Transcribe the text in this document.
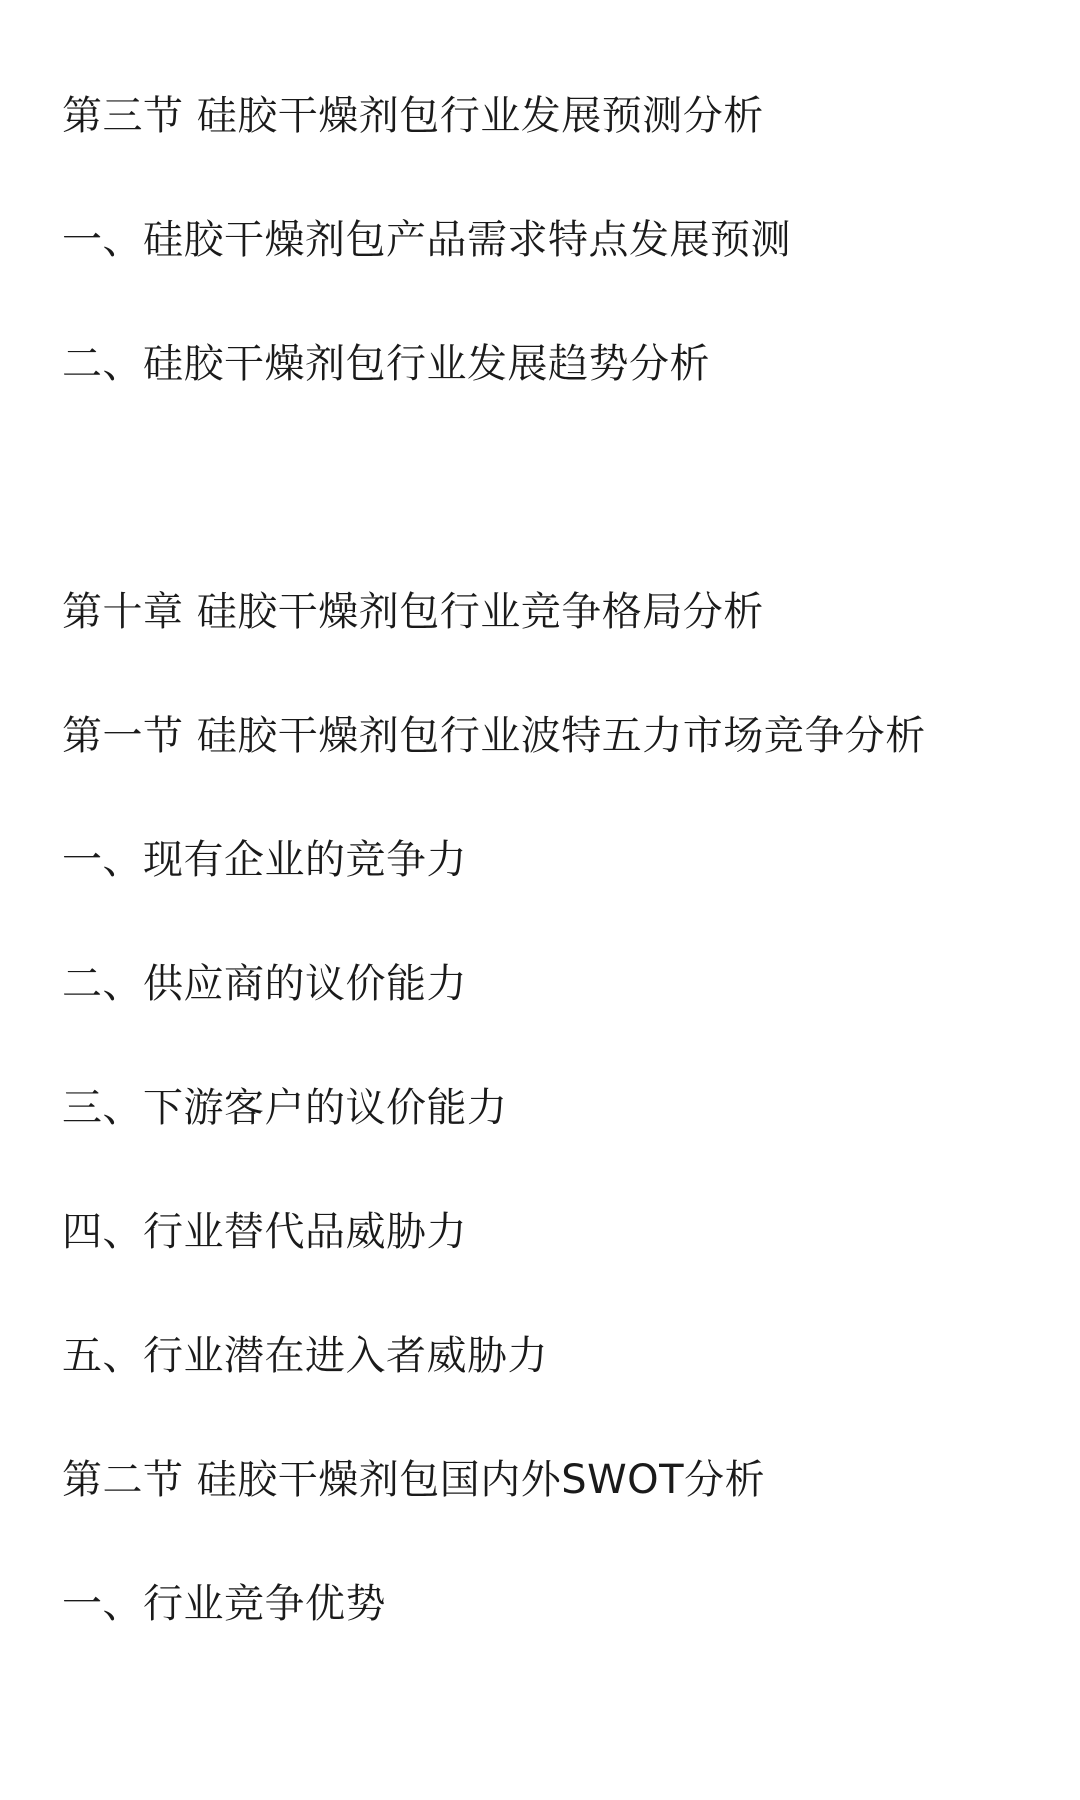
第三节 硅胶干燥剂包行业发展预测分析
一、硅胶干燥剂包产品需求特点发展预测
二、硅胶干燥剂包行业发展趋势分析
第十章 硅胶干燥剂包行业竞争格局分析
第一节 硅胶干燥剂包行业波特五力市场竞争分析
一、现有企业的竞争力
二、供应商的议价能力
三、下游客户的议价能力
四、行业替代品威胁力
五、行业潜在进入者威胁力
第二节 硅胶干燥剂包国内外SWOT分析
一、行业竞争优势
